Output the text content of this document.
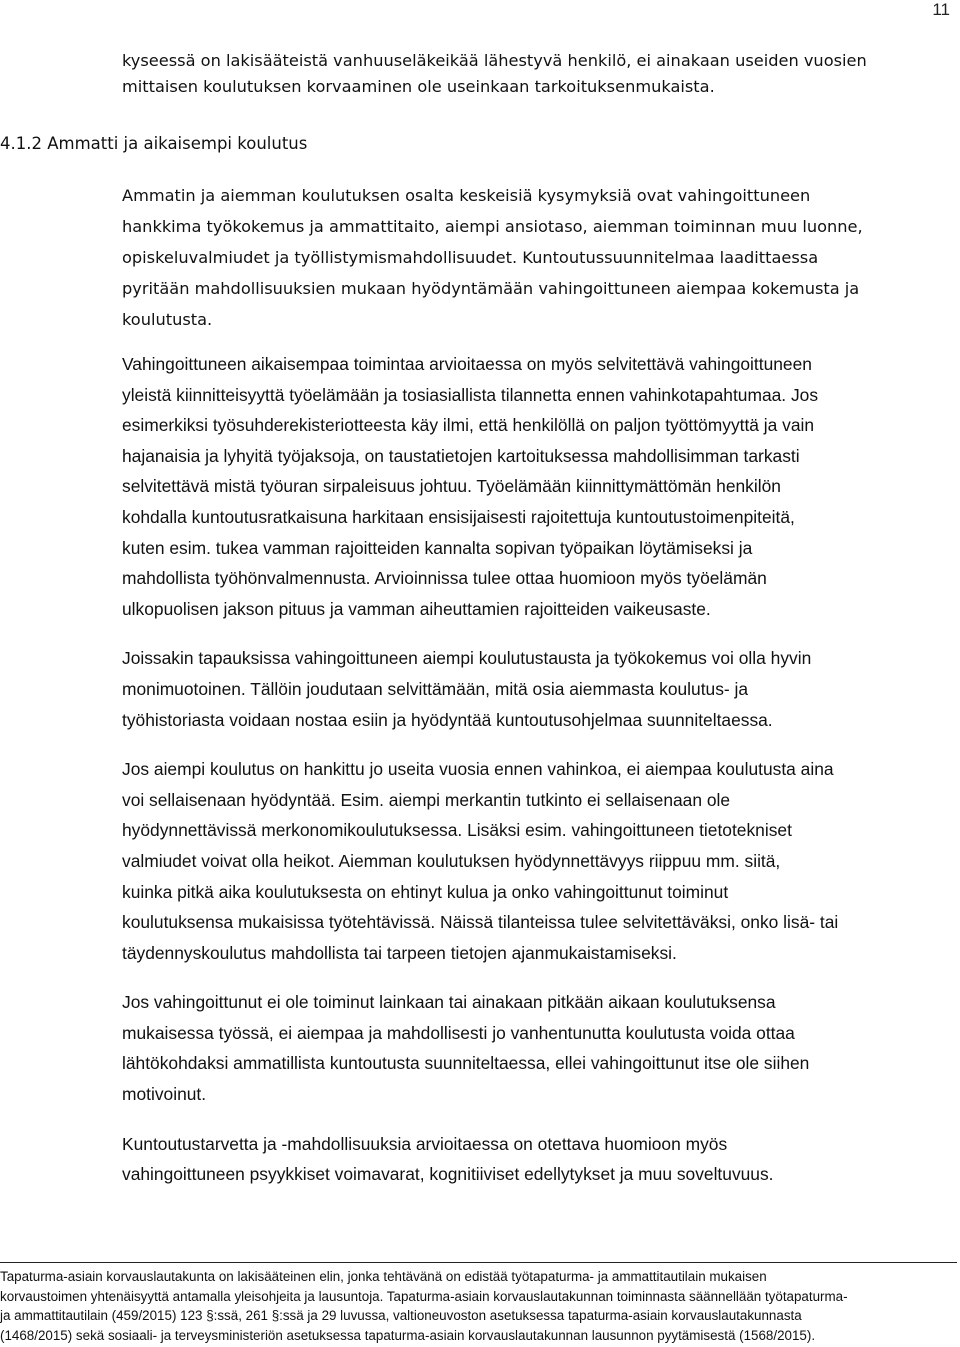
11
kyseessä on lakisääteistä vanhuuseläkeikää lähestyvä henkilö, ei ainakaan useiden vuosien
mittaisen koulutuksen korvaaminen ole useinkaan tarkoituksenmukaista.
4.1.2 Ammatti ja aikaisempi koulutus
Ammatin ja aiemman koulutuksen osalta keskeisiä kysymyksiä ovat vahingoittuneen
hankkima työkokemus ja ammattitaito, aiempi ansiotaso, aiemman toiminnan muu luonne,
opiskeluvalmiudet ja työllistymismahdollisuudet. Kuntoutussuunnitelmaa laadittaessa
pyritään mahdollisuuksien mukaan hyödyntämään vahingoittuneen aiempaa kokemusta ja
koulutusta.

Vahingoittuneen aikaisempaa toimintaa arvioitaessa on myös selvitettävä vahingoittuneen
yleistä kiinnitteisyyttä työelämään ja tosiasiallista tilannetta ennen vahinkotapahtumaa. Jos
esimerkiksi työsuhderekisteriotteesta käy ilmi, että henkilöllä on paljon työttömyyttä ja vain
hajanaisia ja lyhyitä työjaksoja, on taustatietojen kartoituksessa mahdollisimman tarkasti
selvitettävä mistä työuran sirpaleisuus johtuu. Työelämään kiinnittymättömän henkilön
kohdalla kuntoutusratkaisuna harkitaan ensisijaisesti rajoitettuja kuntoutustoimenpiteitä,
kuten esim. tukea vamman rajoitteiden kannalta sopivan työpaikan löytämiseksi ja
mahdollista työhönvalmennusta. Arvioinnissa tulee ottaa huomioon myös työelämän
ulkopuolisen jakson pituus ja vamman aiheuttamien rajoitteiden vaikeusaste.

Joissakin tapauksissa vahingoittuneen aiempi koulutustausta ja työkokemus voi olla hyvin
monimuotoinen. Tällöin joudutaan selvittämään, mitä osia aiemmasta koulutus- ja
työhistoriasta voidaan nostaa esiin ja hyödyntää kuntoutusohjelmaa suunniteltaessa.

Jos aiempi koulutus on hankittu jo useita vuosia ennen vahinkoa, ei aiempaa koulutusta aina
voi sellaisenaan hyödyntää. Esim. aiempi merkantin tutkinto ei sellaisenaan ole
hyödynnettävissä merkonomikoulutuksessa. Lisäksi esim. vahingoittuneen tietotekniset
valmiudet voivat olla heikot. Aiemman koulutuksen hyödynnettävyys riippuu mm. siitä,
kuinka pitkä aika koulutuksesta on ehtinyt kulua ja onko vahingoittunut toiminut
koulutuksensa mukaisissa työtehtävissä. Näissä tilanteissa tulee selvitettäväksi, onko lisä- tai
täydennyskoulutus mahdollista tai tarpeen tietojen ajanmukaistamiseksi.

Jos vahingoittunut ei ole toiminut lainkaan tai ainakaan pitkään aikaan koulutuksensa
mukaisessa työssä, ei aiempaa ja mahdollisesti jo vanhentunutta koulutusta voida ottaa
lähtökohdaksi ammatillista kuntoutusta suunniteltaessa, ellei vahingoittunut itse ole siihen
motivoinut.

Kuntoutustarvetta ja -mahdollisuuksia arvioitaessa on otettava huomioon myös
vahingoittuneen psyykkiset voimavarat, kognitiiviset edellytykset ja muu soveltuvuus.

Tapaturma-asiain korvauslautakunta on lakisääteinen elin, jonka tehtävänä on edistää työtapaturma- ja ammattitautilain mukaisen
korvaustoimen yhtenäisyyttä antamalla yleisohjeita ja lausuntoja. Tapaturma-asiain korvauslautakunnan toiminnasta säännellään työtapaturma-
ja ammattitautilain (459/2015) 123 §:ssä, 261 §:ssä ja 29 luvussa, valtioneuvoston asetuksessa tapaturma-asiain korvauslautakunnasta
(1468/2015) sekä sosiaali- ja terveysministeriön asetuksessa tapaturma-asiain korvauslautakunnan lausunnon pyytämisestä (1568/2015).
